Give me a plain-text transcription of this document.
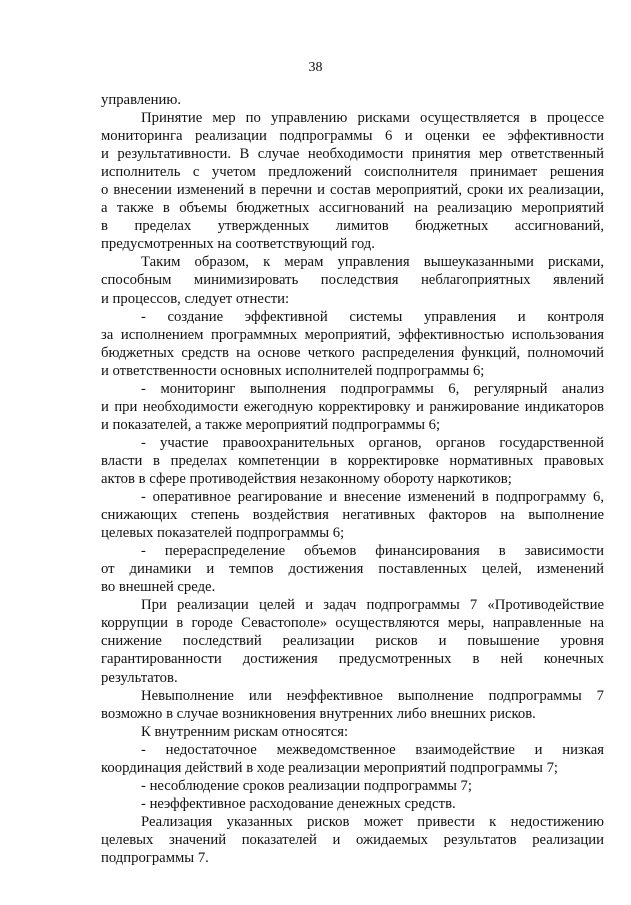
38

управлению.

Принятие мер по управлению рисками осуществляется в процессе

мониторинга реализации подпрограммы 6 и оценки ее эффективности

и результативности. В случае необходимости принятия мер ответственный

исполнитель с учетом предложений соисполнителя принимает решения

о внесении изменений в перечни и состав мероприятий, сроки их реализации,

а также в объемы бюджетных ассигнований на реализацию мероприятий

в пределах утвержденных лимитов бюджетных ассигнований,

предусмотренных на соответствующий год.

Таким образом, к мерам управления вышеуказанными рисками,

способным минимизировать последствия неблагоприятных явлений

и процессов, следует отнести:

- создание эффективной системы управления и контроля

за исполнением программных мероприятий, эффективностью использования

бюджетных средств на основе четкого распределения функций, полномочий

и ответственности основных исполнителей подпрограммы 6;

- мониторинг выполнения подпрограммы 6, регулярный анализ

и при необходимости ежегодную корректировку и ранжирование индикаторов

и показателей, а также мероприятий подпрограммы 6;

- участие правоохранительных органов, органов государственной

власти в пределах компетенции в корректировке нормативных правовых

актов в сфере противодействия незаконному обороту наркотиков;

- оперативное реагирование и внесение изменений в подпрограмму 6,

снижающих степень воздействия негативных факторов на выполнение

целевых показателей подпрограммы 6;

- перераспределение объемов финансирования в зависимости

от динамики и темпов достижения поставленных целей, изменений

во внешней среде.

При реализации целей и задач подпрограммы 7 «Противодействие

коррупции в городе Севастополе» осуществляются меры, направленные на

снижение последствий реализации рисков и повышение уровня

гарантированности достижения предусмотренных в ней конечных

результатов.

Невыполнение или неэффективное выполнение подпрограммы 7

возможно в случае возникновения внутренних либо внешних рисков.

К внутренним рискам относятся:

- недостаточное межведомственное взаимодействие и низкая

координация действий в ходе реализации мероприятий подпрограммы 7;

- несоблюдение сроков реализации подпрограммы 7;

- неэффективное расходование денежных средств.

Реализация указанных рисков может привести к недостижению

целевых значений показателей и ожидаемых результатов реализации

подпрограммы 7.
